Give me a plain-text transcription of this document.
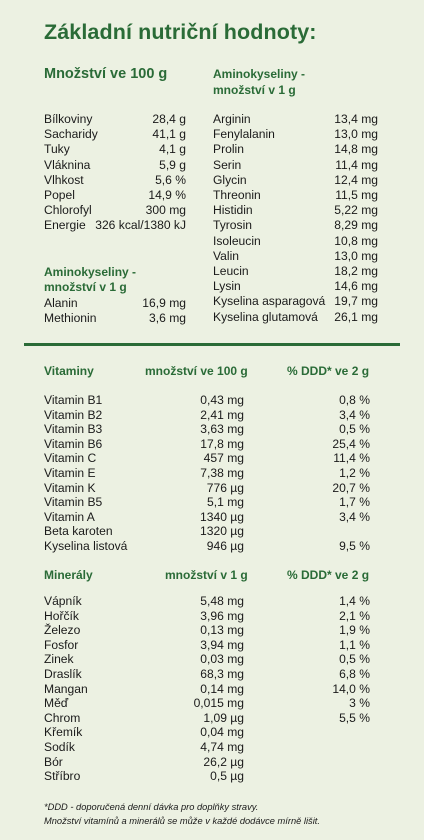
Základní nutriční hodnoty:
Množství ve 100 g	Aminokyseliny - množství v 1 g
Bílkoviny	28,4 g
Sacharidy	41,1 g
Tuky	4,1 g
Vláknina	5,9 g
Vlhkost	5,6 %
Popel	14,9 %
Chlorofyl	300 mg
Energie 326 kcal/1380 kJ
Aminokyseliny - množství v 1 g
Alanin	16,9 mg
Methionin	3,6 mg
Arginin	13,4 mg
Fenylalanin	13,0 mg
Prolin	14,8 mg
Serin	11,4 mg
Glycin	12,4 mg
Threonin	11,5 mg
Histidin	5,22 mg
Tyrosin	8,29 mg
Isoleucin	10,8 mg
Valin	13,0 mg
Leucin	18,2 mg
Lysin	14,6 mg
Kyselina asparagová 19,7 mg
Kyselina glutamová 26,1 mg
Vitaminy	množství ve 100 g	% DDD* ve 2 g
Vitamin B1	0,43 mg	0,8 %
Vitamin B2	2,41 mg	3,4 %
Vitamin B3	3,63 mg	0,5 %
Vitamin B6	17,8 mg	25,4 %
Vitamin C	457 mg	11,4 %
Vitamin E	7,38 mg	1,2 %
Vitamin K	776 µg	20,7 %
Vitamin B5	5,1 mg	1,7 %
Vitamin A	1340 µg	3,4 %
Beta karoten	1320 µg
Kyselina listová	946 µg	9,5 %
Minerály	množství v 1 g	% DDD* ve 2 g
Vápník	5,48 mg	1,4 %
Hořčík	3,96 mg	2,1 %
Železo	0,13 mg	1,9 %
Fosfor	3,94 mg	1,1 %
Zinek	0,03 mg	0,5 %
Draslík	68,3 mg	6,8 %
Mangan	0,14 mg	14,0 %
Měď	0,015 mg	3 %
Chrom	1,09 µg	5,5 %
Křemík	0,04 mg
Sodík	4,74 mg
Bór	26,2 µg
Stříbro	0,5 µg
*DDD - doporučená denní dávka pro doplňky stravy.
Množství vitamínů a minerálů se může v každé dodávce mírně lišit.
